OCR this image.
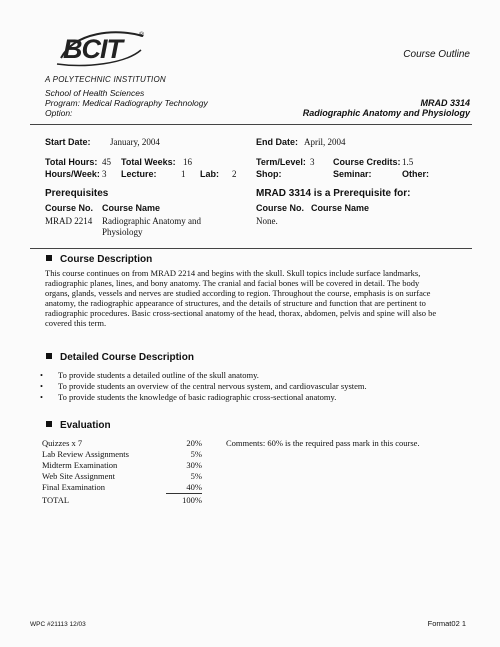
BCIT ®
Course Outline
A POLYTECHNIC INSTITUTION
School of Health Sciences
Program: Medical Radiography Technology
Option:
MRAD 3314
Radiographic Anatomy and Physiology
Start Date: January, 2004	End Date: April, 2004
Total Hours: 45 Total Weeks: 16	Term/Level: 3 Course Credits: 1.5
Hours/Week: 3 Lecture:	1 Lab: 2 Shop:	Seminar:	Other:
Prerequisites	MRAD 3314 is a Prerequisite for:
Course No. Course Name	Course No. Course Name
MRAD 2214 Radiographic Anatomy and
Physiology
None.
Course Description
This course continues on from MRAD 2214 and begins with the skull. Skull topics include surface landmarks,
radiographic planes, lines, and bony anatomy. The cranial and facial bones will be covered in detail. The body
organs, glands, vessels and nerves are studied according to region. Throughout the course, emphasis is on surface
anatomy, the radiographic appearance of structures, and the details of structure and function that are pertinent to
radiographic procedures. Basic cross-sectional anatomy of the head, thorax, abdomen, pelvis and spine will also be
covered this term.
Detailed Course Description
• To provide students a detailed outline of the skull anatomy.
• To provide students an overview of the central nervous system, and cardiovascular system.
• To provide students the knowledge of basic radiographic cross-sectional anatomy.
Evaluation
Quizzes x 7	20%
Lab Review Assignments	5%
Midterm Examination	30%
Web Site Assignment	5%
Final Examination	40%
TOTAL	100%
Comments: 60% is the required pass mark in this course.
WPC #21113 12/03	Format02 1
